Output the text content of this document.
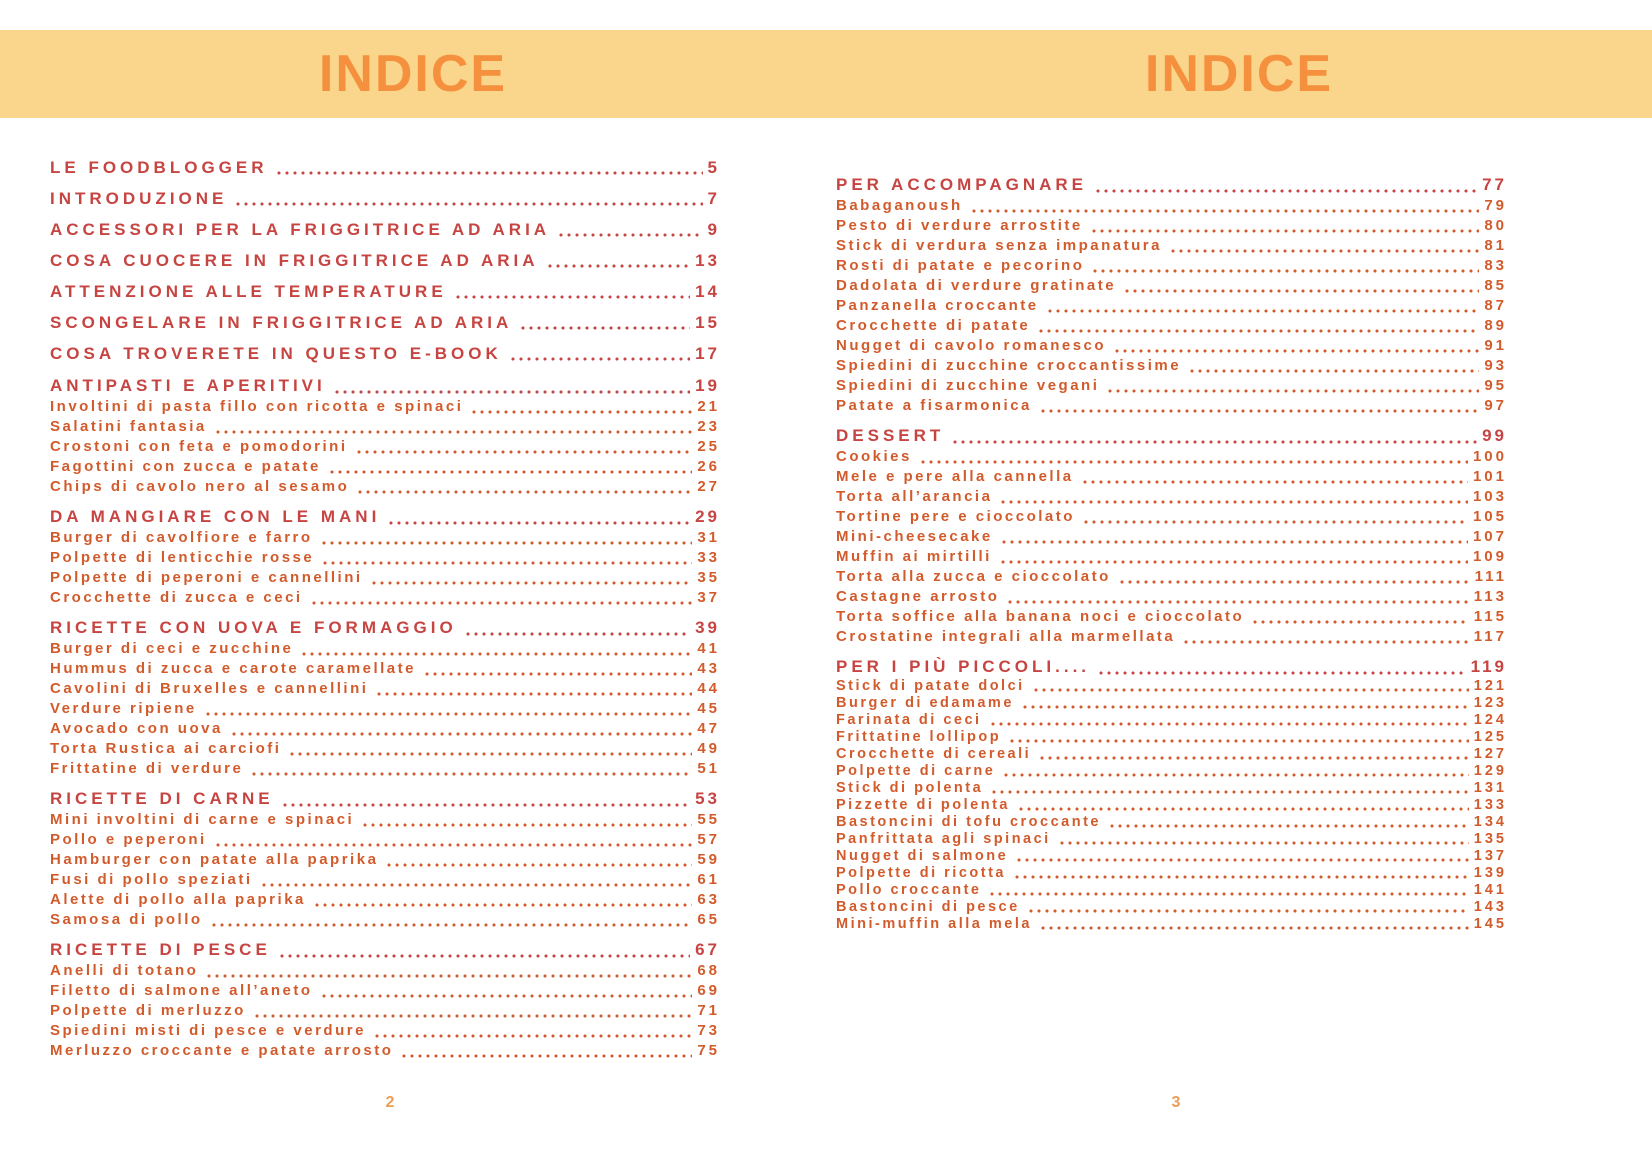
INDICE	INDICE
LE FOODBLOGGER	5
INTRODUZIONE	7
ACCESSORI PER LA FRIGGITRICE AD ARIA	9
COSA CUOCERE IN FRIGGITRICE AD ARIA	13
ATTENZIONE ALLE TEMPERATURE	14
SCONGELARE IN FRIGGITRICE AD ARIA	15
COSA TROVERETE IN QUESTO E-BOOK	17
ANTIPASTI E APERITIVI	19
Involtini di pasta fillo con ricotta e spinaci	21
Salatini fantasia	23
Crostoni con feta e pomodorini	25
Fagottini con zucca e patate	26
Chips di cavolo nero al sesamo	27
DA MANGIARE CON LE MANI	29
Burger di cavolfiore e farro	31
Polpette di lenticchie rosse	33
Polpette di peperoni e cannellini	35
Crocchette di zucca e ceci	37
RICETTE CON UOVA E FORMAGGIO	39
Burger di ceci e zucchine	41
Hummus di zucca e carote caramellate	43
Cavolini di Bruxelles e cannellini	44
Verdure ripiene	45
Avocado con uova	47
Torta Rustica ai carciofi	49
Frittatine di verdure	51
RICETTE DI CARNE	53
Mini involtini di carne e spinaci	55
Pollo e peperoni	57
Hamburger con patate alla paprika	59
Fusi di pollo speziati	61
Alette di pollo alla paprika	63
Samosa di pollo	65
RICETTE DI PESCE	67
Anelli di totano	68
Filetto di salmone all’aneto	69
Polpette di merluzzo	71
Spiedini misti di pesce e verdure	73
Merluzzo croccante e patate arrosto	75
PER ACCOMPAGNARE	77
Babaganoush	79
Pesto di verdure arrostite	80
Stick di verdura senza impanatura	81
Rosti di patate e pecorino	83
Dadolata di verdure gratinate	85
Panzanella croccante	87
Crocchette di patate	89
Nugget di cavolo romanesco	91
Spiedini di zucchine croccantissime	93
Spiedini di zucchine vegani	95
Patate a fisarmonica	97
DESSERT	99
Cookies	100
Mele e pere alla cannella	101
Torta all’arancia	103
Tortine pere e cioccolato	105
Mini-cheesecake	107
Muffin ai mirtilli	109
Torta alla zucca e cioccolato	111
Castagne arrosto	113
Torta soffice alla banana noci e cioccolato	115
Crostatine integrali alla marmellata	117
PER I PIÙ PICCOLI....	119
Stick di patate dolci	121
Burger di edamame	123
Farinata di ceci	124
Frittatine lollipop	125
Crocchette di cereali	127
Polpette di carne	129
Stick di polenta	131
Pizzette di polenta	133
Bastoncini di tofu croccante	134
Panfrittata agli spinaci	135
Nugget di salmone	137
Polpette di ricotta	139
Pollo croccante	141
Bastoncini di pesce	143
Mini-muffin alla mela	145
2	3
